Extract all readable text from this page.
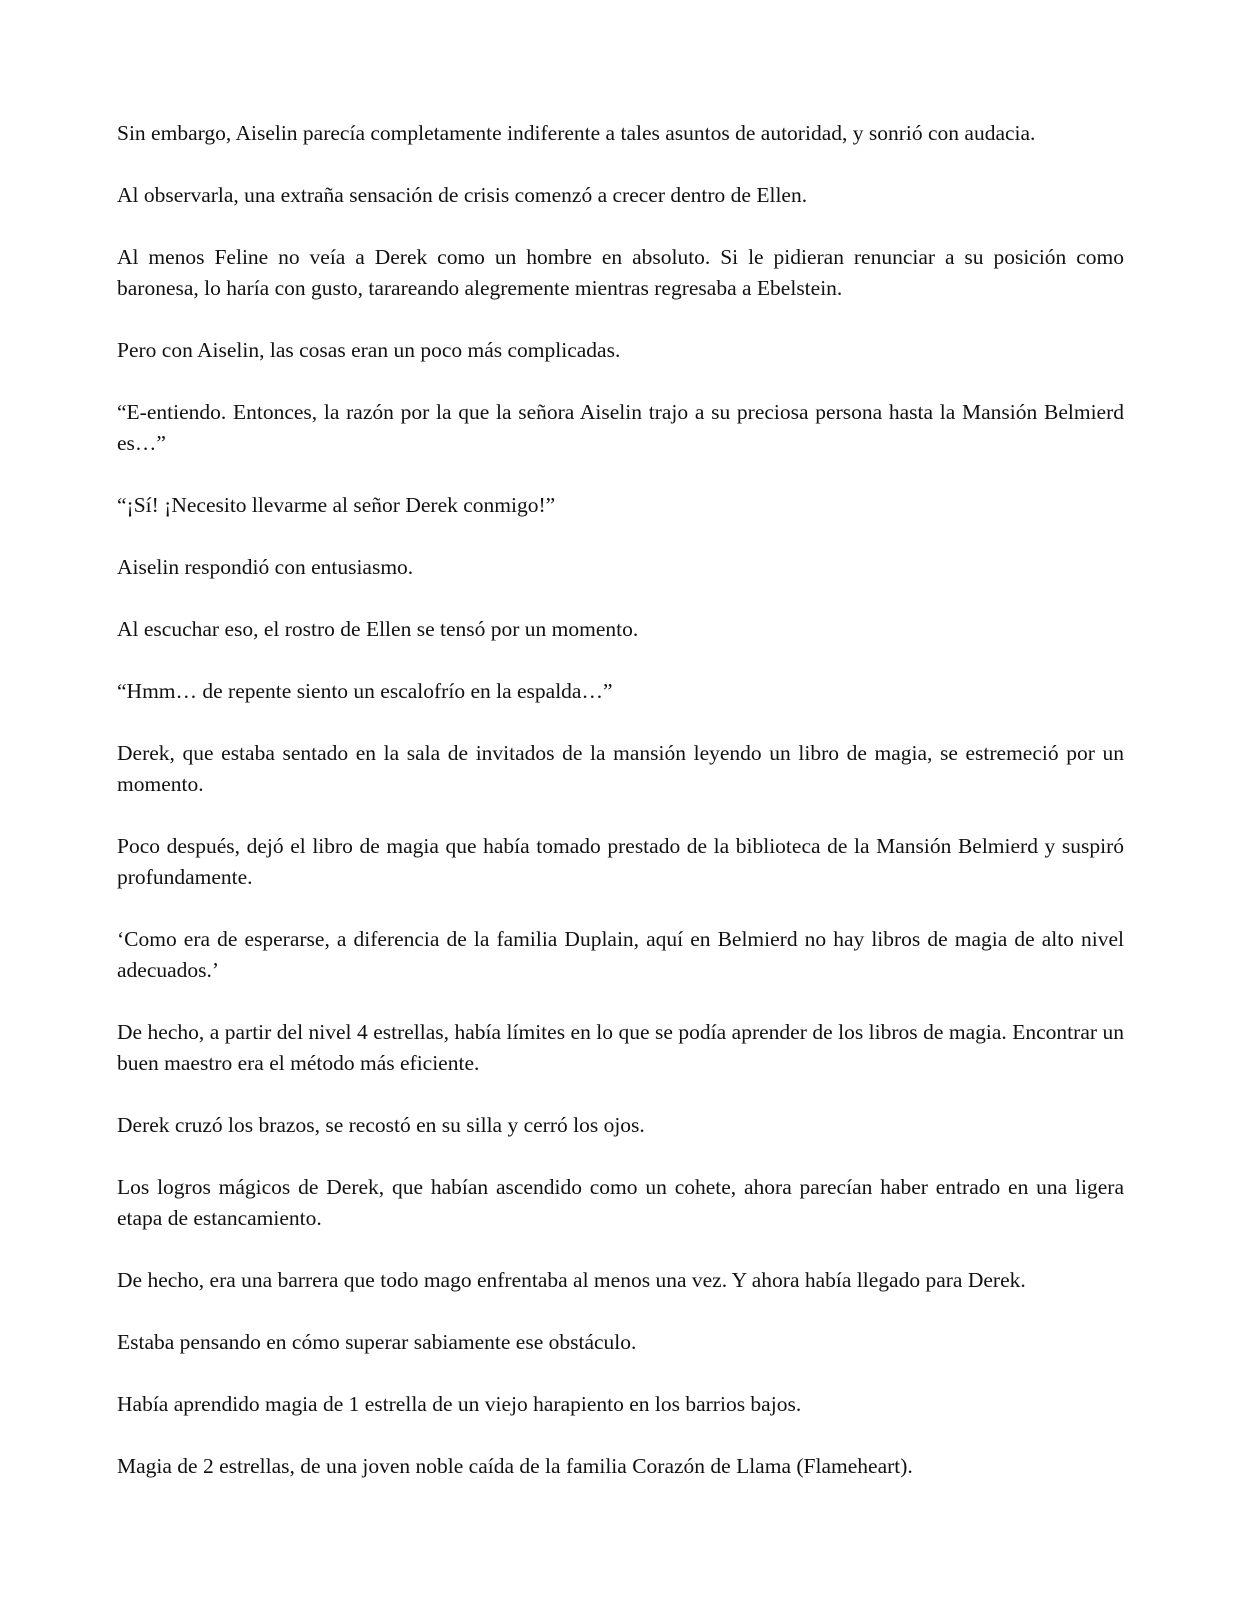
Sin embargo, Aiselin parecía completamente indiferente a tales asuntos de autoridad, y sonrió con audacia.

Al observarla, una extraña sensación de crisis comenzó a crecer dentro de Ellen.

Al menos Feline no veía a Derek como un hombre en absoluto. Si le pidieran renunciar a su posición como baronesa, lo haría con gusto, tarareando alegremente mientras regresaba a Ebelstein.

Pero con Aiselin, las cosas eran un poco más complicadas.

“E-entiendo. Entonces, la razón por la que la señora Aiselin trajo a su preciosa persona hasta la Mansión Belmierd es…”

“¡Sí! ¡Necesito llevarme al señor Derek conmigo!”

Aiselin respondió con entusiasmo.

Al escuchar eso, el rostro de Ellen se tensó por un momento.

“Hmm… de repente siento un escalofrío en la espalda…”

Derek, que estaba sentado en la sala de invitados de la mansión leyendo un libro de magia, se estremeció por un momento.

Poco después, dejó el libro de magia que había tomado prestado de la biblioteca de la Mansión Belmierd y suspiró profundamente.

‘Como era de esperarse, a diferencia de la familia Duplain, aquí en Belmierd no hay libros de magia de alto nivel adecuados.’

De hecho, a partir del nivel 4 estrellas, había límites en lo que se podía aprender de los libros de magia. Encontrar un buen maestro era el método más eficiente.

Derek cruzó los brazos, se recostó en su silla y cerró los ojos.

Los logros mágicos de Derek, que habían ascendido como un cohete, ahora parecían haber entrado en una ligera etapa de estancamiento.

De hecho, era una barrera que todo mago enfrentaba al menos una vez. Y ahora había llegado para Derek.

Estaba pensando en cómo superar sabiamente ese obstáculo.

Había aprendido magia de 1 estrella de un viejo harapiento en los barrios bajos.

Magia de 2 estrellas, de una joven noble caída de la familia Corazón de Llama (Flameheart).
